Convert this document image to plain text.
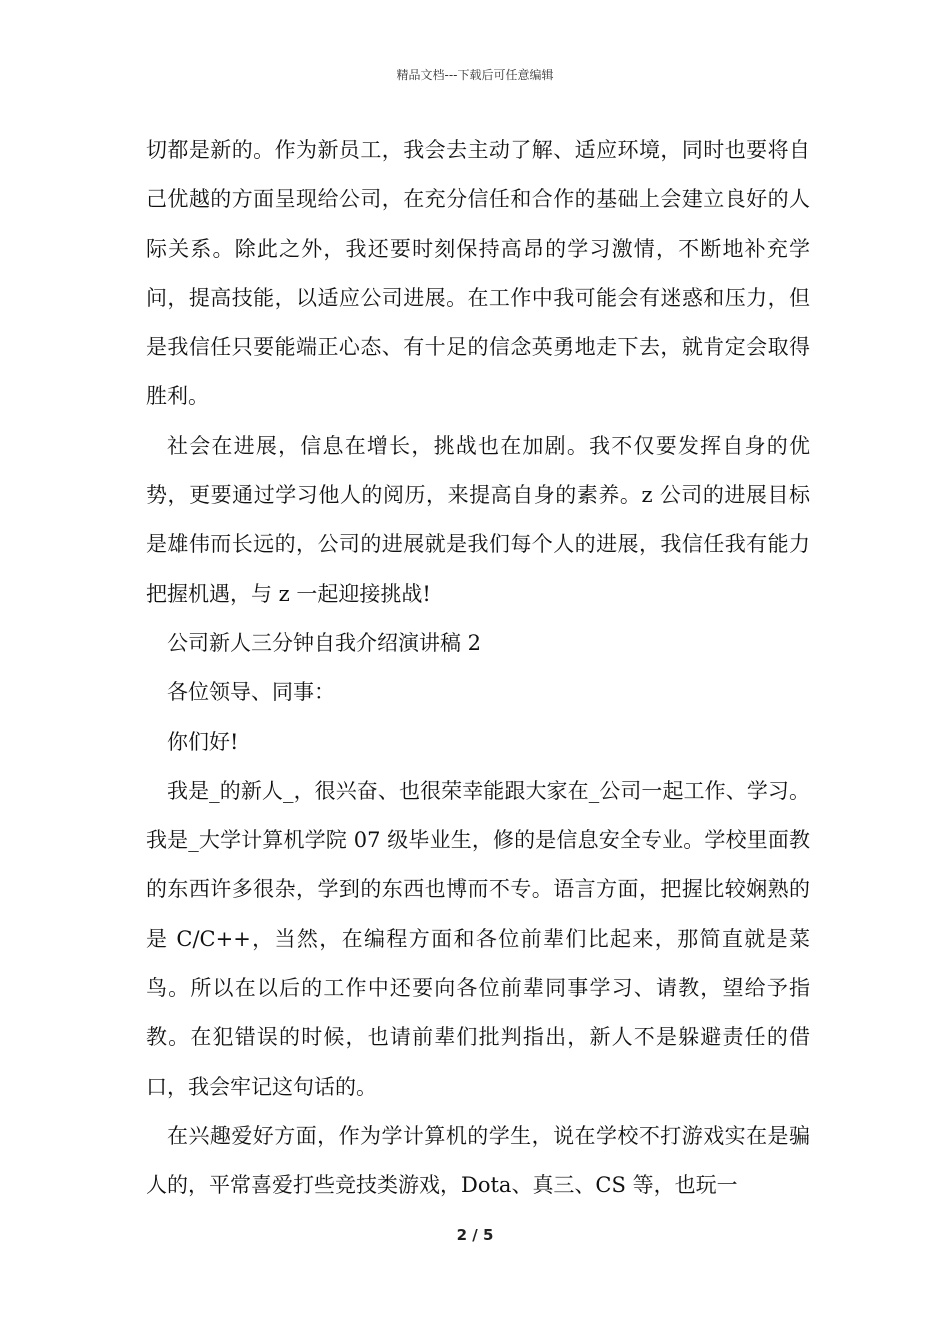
精品文档---下载后可任意编辑

切都是新的。作为新员工，我会去主动了解、适应环境，同时也要将自己优越的方面呈现给公司，在充分信任和合作的基础上会建立良好的人际关系。除此之外，我还要时刻保持高昂的学习激情，不断地补充学问，提高技能，以适应公司进展。在工作中我可能会有迷惑和压力，但是我信任只要能端正心态、有十足的信念英勇地走下去，就肯定会取得胜利。

社会在进展，信息在增长，挑战也在加剧。我不仅要发挥自身的优势，更要通过学习他人的阅历，来提高自身的素养。z 公司的进展目标是雄伟而长远的，公司的进展就是我们每个人的进展，我信任我有能力把握机遇，与 z 一起迎接挑战!

公司新人三分钟自我介绍演讲稿 2

各位领导、同事：

你们好!

我是_的新人_，很兴奋、也很荣幸能跟大家在_公司一起工作、学习。 我是_大学计算机学院 07 级毕业生，修的是信息安全专业。学校里面教的东西许多很杂，学到的东西也博而不专。语言方面，把握比较娴熟的是 C/C++，当然，在编程方面和各位前辈们比起来，那简直就是菜鸟。所以在以后的工作中还要向各位前辈同事学习、请教，望给予指教。在犯错误的时候，也请前辈们批判指出，新人不是躲避责任的借口，我会牢记这句话的。

在兴趣爱好方面，作为学计算机的学生，说在学校不打游戏实在是骗人的，平常喜爱打些竞技类游戏，Dota、真三、CS 等，也玩一

2 / 5
